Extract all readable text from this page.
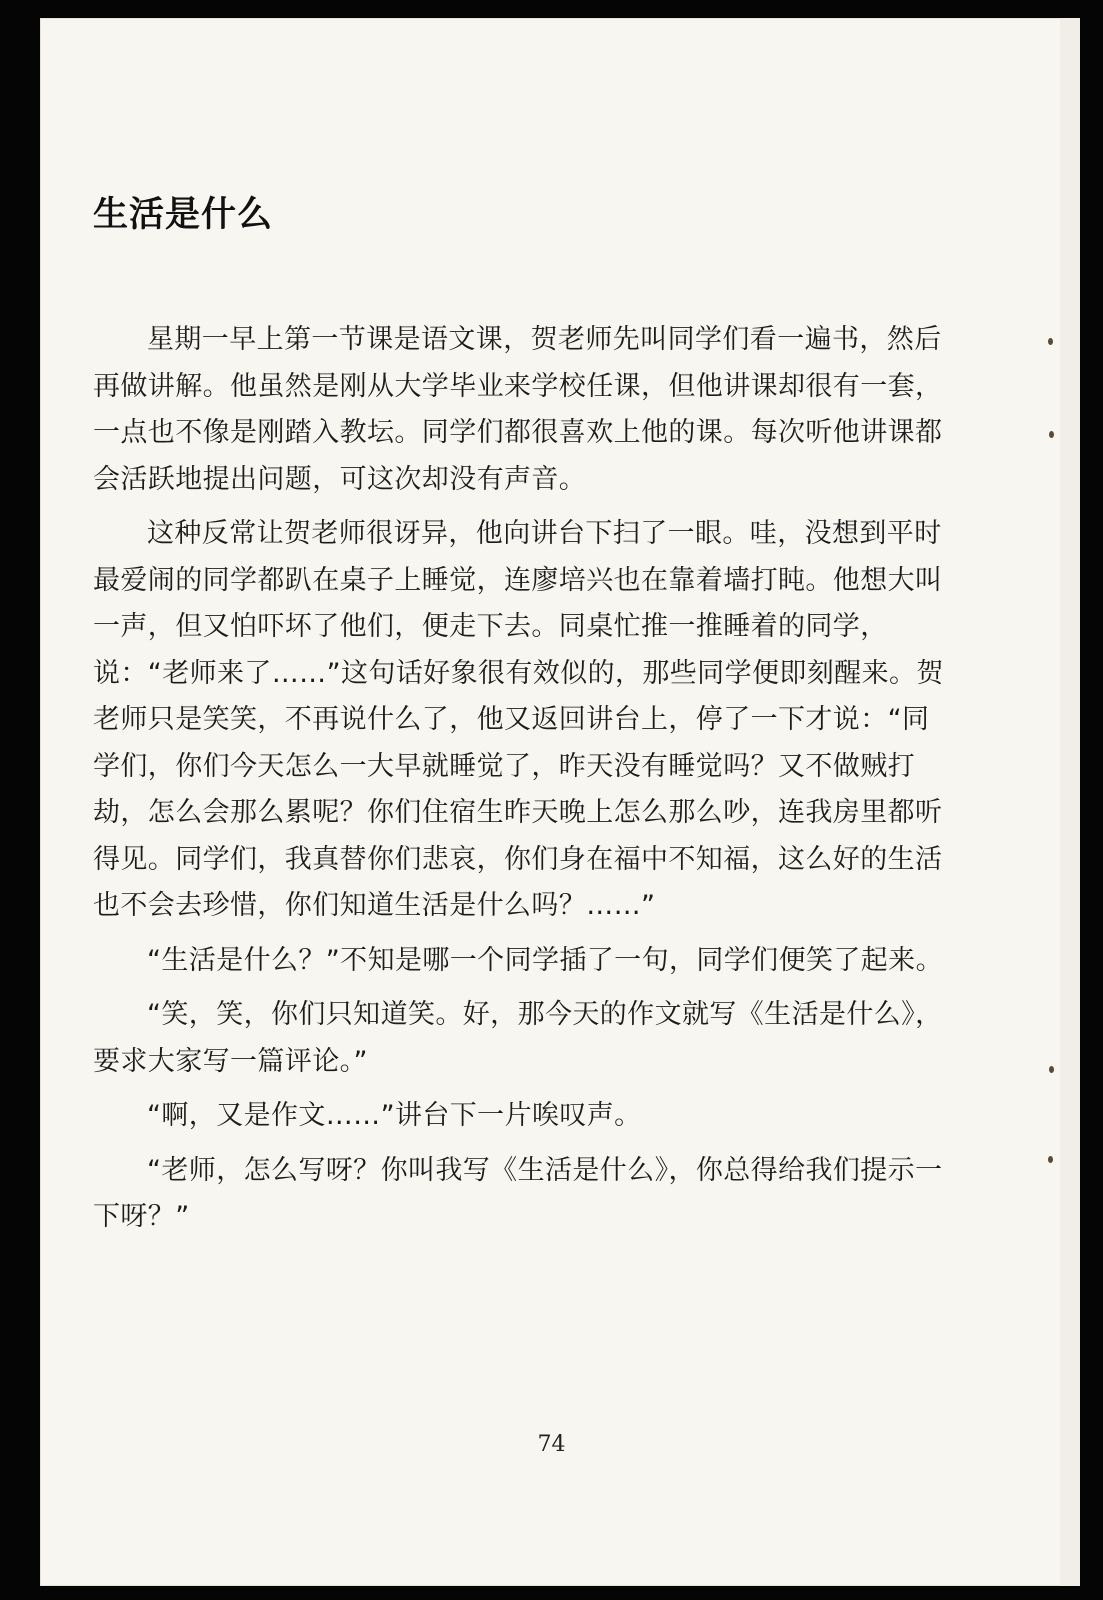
生活是什么

星期一早上第一节课是语文课，贺老师先叫同学们看一遍书，然后再做讲解。他虽然是刚从大学毕业来学校任课，但他讲课却很有一套，一点也不像是刚踏入教坛。同学们都很喜欢上他的课。每次听他讲课都会活跃地提出问题，可这次却没有声音。

这种反常让贺老师很讶异，他向讲台下扫了一眼。哇，没想到平时最爱闹的同学都趴在桌子上睡觉，连廖培兴也在靠着墙打盹。他想大叫一声，但又怕吓坏了他们，便走下去。同桌忙推一推睡着的同学，说：“老师来了……”这句话好象很有效似的，那些同学便即刻醒来。贺老师只是笑笑，不再说什么了，他又返回讲台上，停了一下才说：“同学们，你们今天怎么一大早就睡觉了，昨天没有睡觉吗？又不做贼打劫，怎么会那么累呢？你们住宿生昨天晚上怎么那么吵，连我房里都听得见。同学们，我真替你们悲哀，你们身在福中不知福，这么好的生活也不会去珍惜，你们知道生活是什么吗？……”

“生活是什么？”不知是哪一个同学插了一句，同学们便笑了起来。

“笑，笑，你们只知道笑。好，那今天的作文就写《生活是什么》，要求大家写一篇评论。”

“啊，又是作文……”讲台下一片唉叹声。

“老师，怎么写呀？你叫我写《生活是什么》，你总得给我们提示一下呀？”

74
